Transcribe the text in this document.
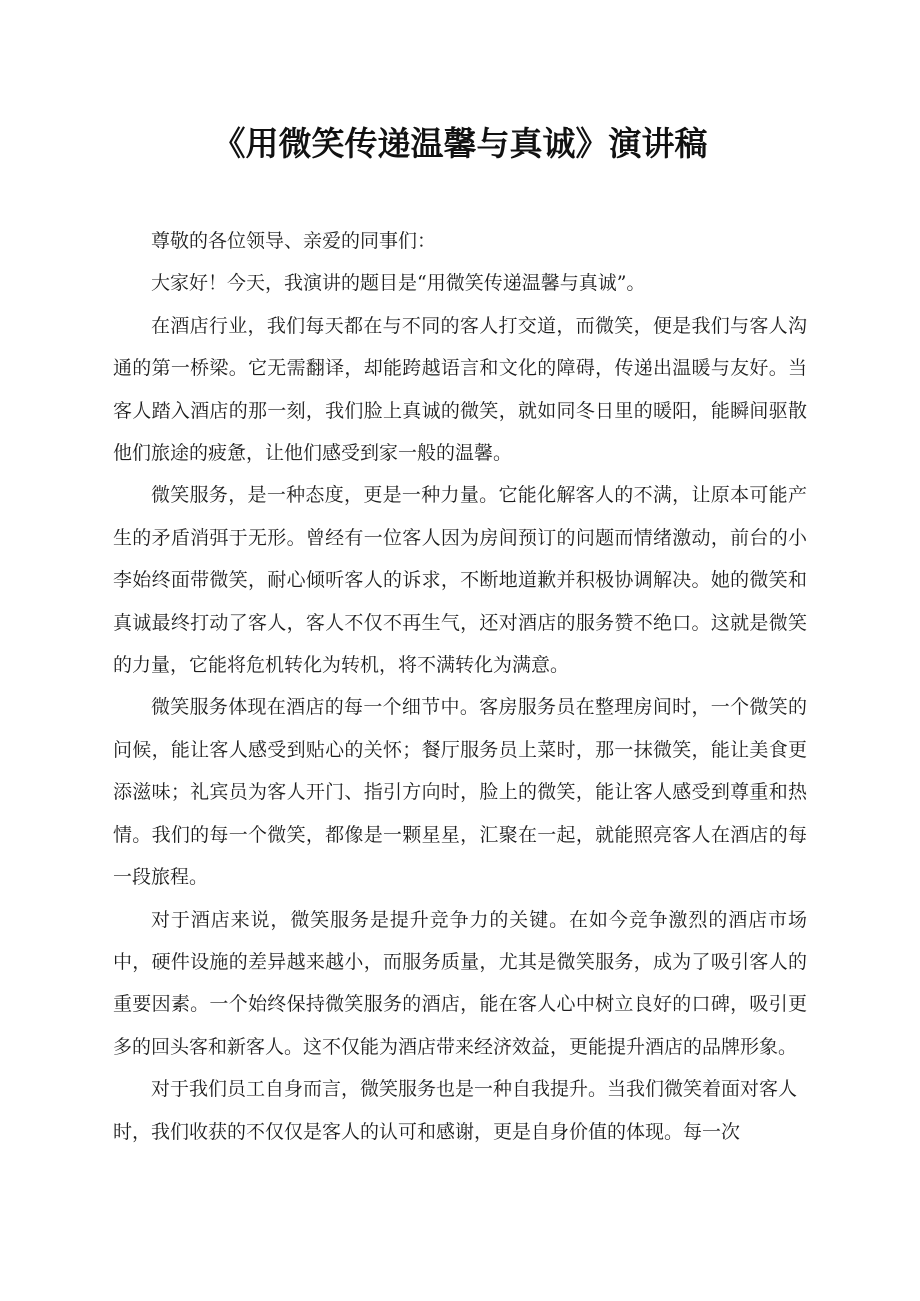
《用微笑传递温馨与真诚》演讲稿

尊敬的各位领导、亲爱的同事们：

大家好！今天，我演讲的题目是“用微笑传递温馨与真诚”。

在酒店行业，我们每天都在与不同的客人打交道，而微笑，便是我们与客人沟通的第一桥梁。它无需翻译，却能跨越语言和文化的障碍，传递出温暖与友好。当客人踏入酒店的那一刻，我们脸上真诚的微笑，就如同冬日里的暖阳，能瞬间驱散他们旅途的疲惫，让他们感受到家一般的温馨。

微笑服务，是一种态度，更是一种力量。它能化解客人的不满，让原本可能产生的矛盾消弭于无形。曾经有一位客人因为房间预订的问题而情绪激动，前台的小李始终面带微笑，耐心倾听客人的诉求，不断地道歉并积极协调解决。她的微笑和真诚最终打动了客人，客人不仅不再生气，还对酒店的服务赞不绝口。这就是微笑的力量，它能将危机转化为转机，将不满转化为满意。

微笑服务体现在酒店的每一个细节中。客房服务员在整理房间时，一个微笑的问候，能让客人感受到贴心的关怀；餐厅服务员上菜时，那一抹微笑，能让美食更添滋味；礼宾员为客人开门、指引方向时，脸上的微笑，能让客人感受到尊重和热情。我们的每一个微笑，都像是一颗星星，汇聚在一起，就能照亮客人在酒店的每一段旅程。

对于酒店来说，微笑服务是提升竞争力的关键。在如今竞争激烈的酒店市场中，硬件设施的差异越来越小，而服务质量，尤其是微笑服务，成为了吸引客人的重要因素。一个始终保持微笑服务的酒店，能在客人心中树立良好的口碑，吸引更多的回头客和新客人。这不仅能为酒店带来经济效益，更能提升酒店的品牌形象。

对于我们员工自身而言，微笑服务也是一种自我提升。当我们微笑着面对客人时，我们收获的不仅仅是客人的认可和感谢，更是自身价值的体现。每一次
